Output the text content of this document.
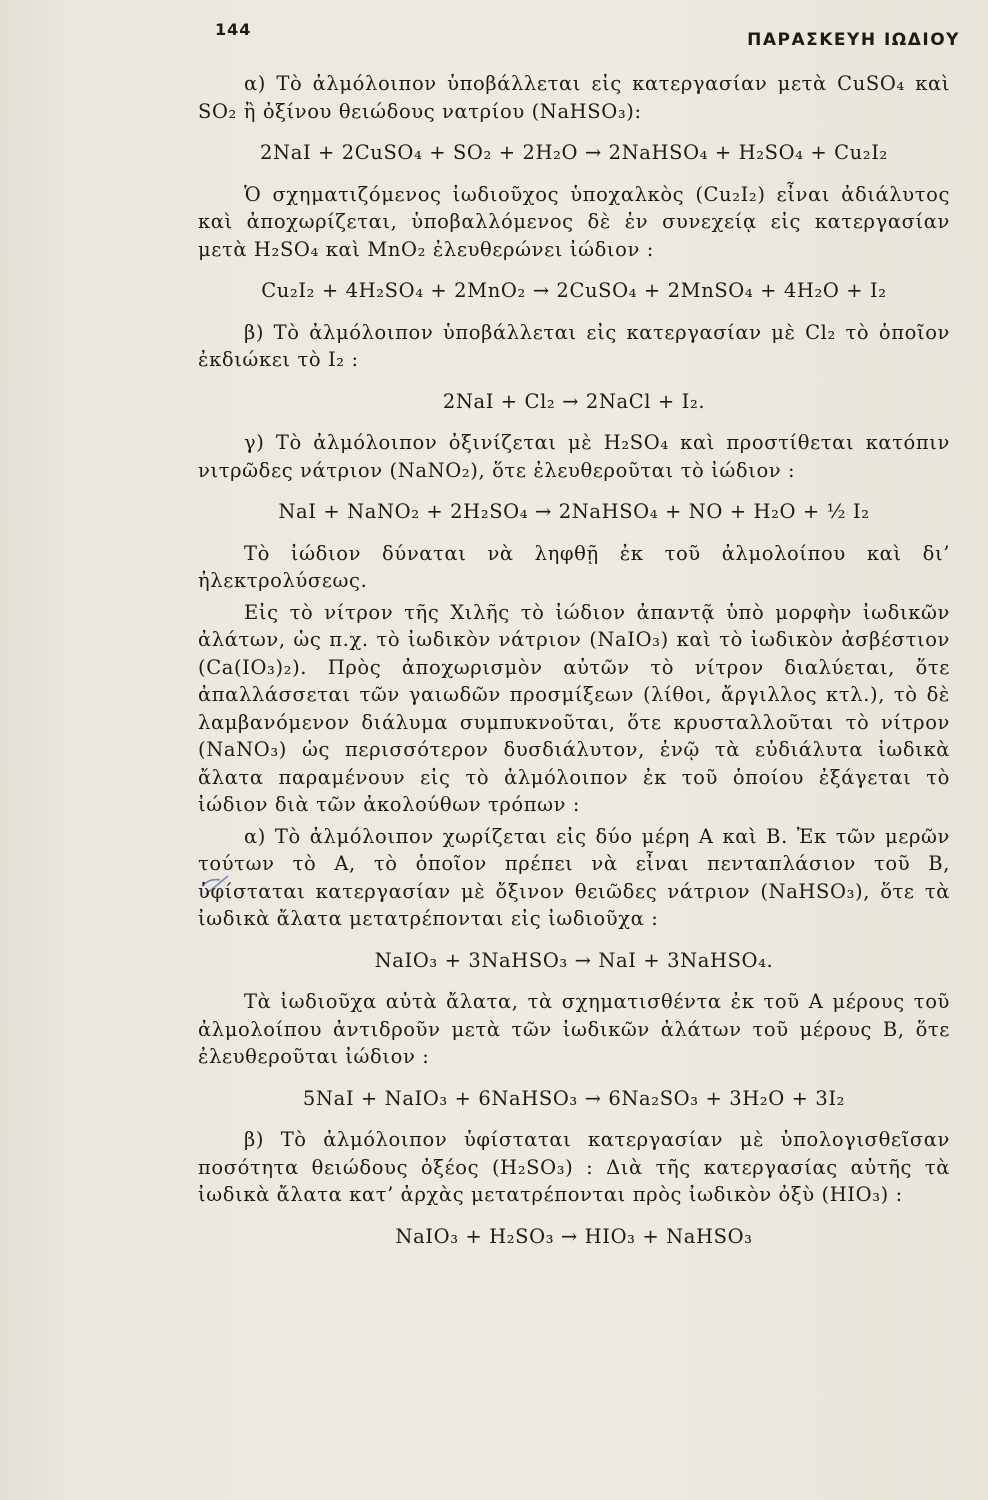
144
ΠΑΡΑΣΚΕΥΗ ΙΩΔΙΟΥ

α) Τὸ ἀλμόλοιπον ὑποβάλλεται εἰς κατεργασίαν μετὰ CuSO₄ καὶ SO₂ ἢ ὀξίνου θειώδους νατρίου (NaHSO₃):

2NaI + 2CuSO₄ + SO₂ + 2H₂O → 2NaHSO₄ + H₂SO₄ + Cu₂I₂

Ὁ σχηματιζόμενος ἰωδιοῦχος ὑποχαλκὸς (Cu₂I₂) εἶναι ἀδιάλυτος καὶ ἀποχωρίζεται, ὑποβαλλόμενος δὲ ἐν συνεχείᾳ εἰς κατεργασίαν μετὰ H₂SO₄ καὶ MnO₂ ἐλευθερώνει ἰώδιον :

Cu₂I₂ + 4H₂SO₄ + 2MnO₂ → 2CuSO₄ + 2MnSO₄ + 4H₂O + I₂

β) Τὸ ἀλμόλοιπον ὑποβάλλεται εἰς κατεργασίαν μὲ Cl₂ τὸ ὁποῖον ἐκδιώκει τὸ I₂ :

2NaI + Cl₂ → 2NaCl + I₂.

γ) Τὸ ἀλμόλοιπον ὀξινίζεται μὲ H₂SO₄ καὶ προστίθεται κατόπιν νιτρῶδες νάτριον (NaNO₂), ὅτε ἐλευθεροῦται τὸ ἰώδιον :

NaI + NaNO₂ + 2H₂SO₄ → 2NaHSO₄ + NO + H₂O + ½ I₂

Τὸ ἰώδιον δύναται νὰ ληφθῇ ἐκ τοῦ ἀλμολοίπου καὶ δι’ ἠλεκτρολύσεως.

Εἰς τὸ νίτρον τῆς Χιλῆς τὸ ἰώδιον ἀπαντᾷ ὑπὸ μορφὴν ἰωδικῶν ἀλάτων, ὡς π.χ. τὸ ἰωδικὸν νάτριον (NaIO₃) καὶ τὸ ἰωδικὸν ἀσβέστιον (Ca(IO₃)₂). Πρὸς ἀποχωρισμὸν αὐτῶν τὸ νίτρον διαλύεται, ὅτε ἀπαλλάσσεται τῶν γαιωδῶν προσμίξεων (λίθοι, ἄργιλλος κτλ.), τὸ δὲ λαμβανόμενον διάλυμα συμπυκνοῦται, ὅτε κρυσταλλοῦται τὸ νίτρον (NaNO₃) ὡς περισσότερον δυσδιάλυτον, ἐνῷ τὰ εὐδιάλυτα ἰωδικὰ ἄλατα παραμένουν εἰς τὸ ἀλμόλοιπον ἐκ τοῦ ὁποίου ἐξάγεται τὸ ἰώδιον διὰ τῶν ἀκολούθων τρόπων :

α) Τὸ ἀλμόλοιπον χωρίζεται εἰς δύο μέρη Α καὶ Β. Ἐκ τῶν μερῶν τούτων τὸ Α, τὸ ὁποῖον πρέπει νὰ εἶναι πενταπλάσιον τοῦ Β, ὑφίσταται κατεργασίαν μὲ ὄξινον θειῶδες νάτριον (NaHSO₃), ὅτε τὰ ἰωδικὰ ἄλατα μετατρέπονται εἰς ἰωδιοῦχα :

NaIO₃ + 3NaHSO₃ → NaI + 3NaHSO₄.

Τὰ ἰωδιοῦχα αὐτὰ ἄλατα, τὰ σχηματισθέντα ἐκ τοῦ Α μέρους τοῦ ἀλμολοίπου ἀντιδροῦν μετὰ τῶν ἰωδικῶν ἀλάτων τοῦ μέρους Β, ὅτε ἐλευθεροῦται ἰώδιον :

5NaI + NaIO₃ + 6NaHSO₃ → 6Na₂SO₃ + 3H₂O + 3I₂

β) Τὸ ἀλμόλοιπον ὑφίσταται κατεργασίαν μὲ ὑπολογισθεῖσαν ποσότητα θειώδους ὀξέος (H₂SO₃) : Διὰ τῆς κατεργασίας αὐτῆς τὰ ἰωδικὰ ἄλατα κατ’ ἀρχὰς μετατρέπονται πρὸς ἰωδικὸν ὀξὺ (HIO₃) :

NaIO₃ + H₂SO₃ → HIO₃ + NaHSO₃
